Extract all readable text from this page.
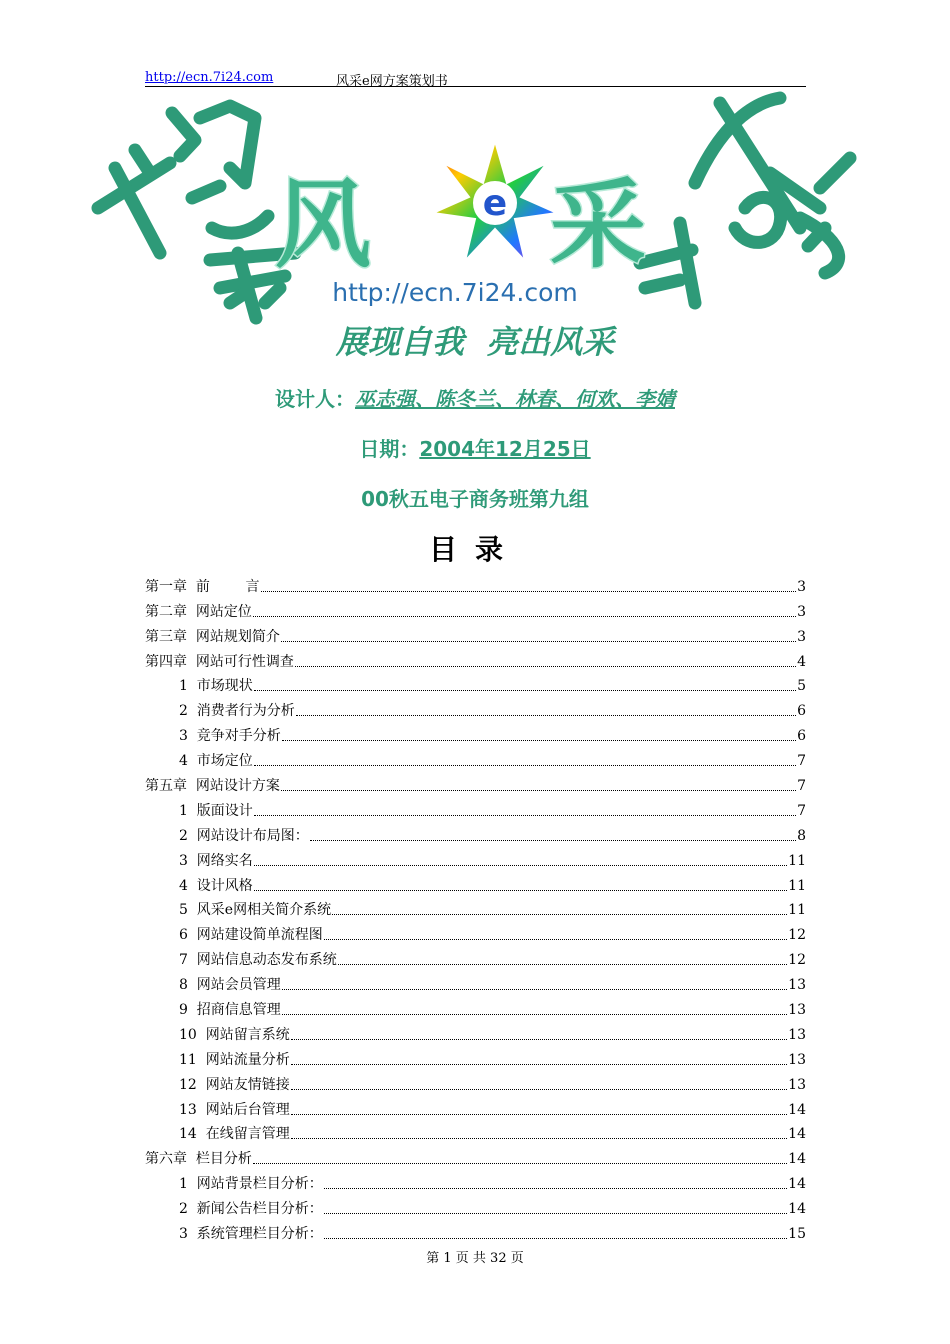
http://ecn.7i24.com	风采e网方案策划书
风	e 采
http://ecn.7i24.com
展现自我  亮出风采
设计人：巫志强、陈冬兰、林春、何欢、李婧
日期：2004年12月25日
00秋五电子商务班第九组
目录
第一章  前        言	3
第二章  网站定位	3
第三章  网站规划简介	3
第四章  网站可行性调查	4
1  市场现状	5
2  消费者行为分析	6
3  竞争对手分析	6
4  市场定位	7
第五章  网站设计方案	7
1  版面设计	7
2  网站设计布局图：	8
3  网络实名	11
4  设计风格	11
5  风采e网相关简介系统	11
6  网站建设简单流程图	12
7  网站信息动态发布系统	12
8  网站会员管理	13
9  招商信息管理	13
10  网站留言系统	13
11  网站流量分析	13
12  网站友情链接	13
13  网站后台管理	14
14  在线留言管理	14
第六章  栏目分析	14
1  网站背景栏目分析：	14
2  新闻公告栏目分析：	14
3  系统管理栏目分析：	15
第 1 页 共 32 页
